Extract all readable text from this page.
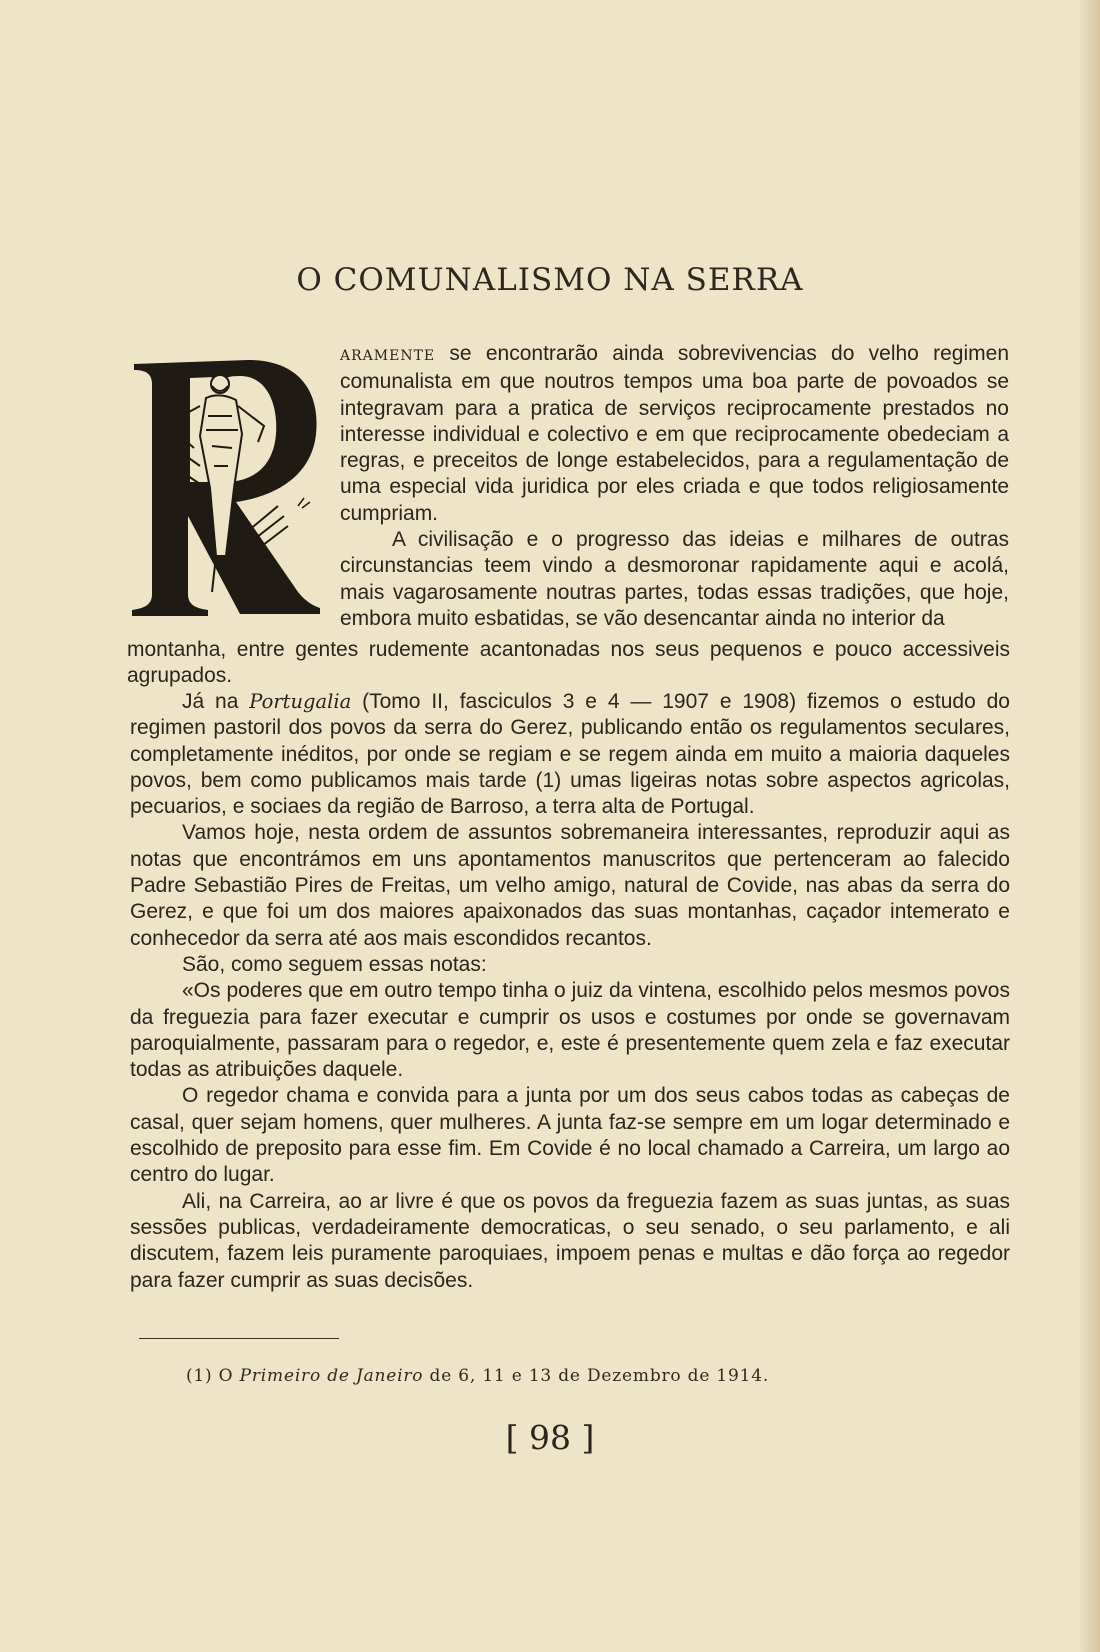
O COMUNALISMO NA SERRA

ARAMENTE se encontrarão ainda sobrevivencias do velho regimen comunalista em que noutros tempos uma boa parte de povoados se integravam para a pratica de serviços reciprocamente prestados no interesse individual e colectivo e em que reciprocamente obedeciam a regras, e preceitos de longe estabelecidos, para a regulamentação de uma especial vida juridica por eles criada e que todos religiosamente cumpriam.

A civilisação e o progresso das ideias e milhares de outras circunstancias teem vindo a desmoronar rapidamente aqui e acolá, mais vagarosamente noutras partes, todas essas tradições, que hoje, embora muito esbatidas, se vão desencantar ainda no interior da

montanha, entre gentes rudemente acantonadas nos seus pequenos e pouco accessiveis agrupados.

Já na Portugalia (Tomo II, fasciculos 3 e 4 — 1907 e 1908) fizemos o estudo do regimen pastoril dos povos da serra do Gerez, publicando então os regulamentos seculares, completamente inéditos, por onde se regiam e se regem ainda em muito a maioria daqueles povos, bem como publicamos mais tarde (1) umas ligeiras notas sobre aspectos agricolas, pecuarios, e sociaes da região de Barroso, a terra alta de Portugal.

Vamos hoje, nesta ordem de assuntos sobremaneira interessantes, reproduzir aqui as notas que encontrámos em uns apontamentos manuscritos que pertenceram ao falecido Padre Sebastião Pires de Freitas, um velho amigo, natural de Covide, nas abas da serra do Gerez, e que foi um dos maiores apaixonados das suas montanhas, caçador intemerato e conhecedor da serra até aos mais escondidos recantos.

São, como seguem essas notas:

«Os poderes que em outro tempo tinha o juiz da vintena, escolhido pelos mesmos povos da freguezia para fazer executar e cumprir os usos e costumes por onde se governavam paroquialmente, passaram para o regedor, e, este é presentemente quem zela e faz executar todas as atribuições daquele.

O regedor chama e convida para a junta por um dos seus cabos todas as cabeças de casal, quer sejam homens, quer mulheres. A junta faz-se sempre em um logar determinado e escolhido de preposito para esse fim. Em Covide é no local chamado a Carreira, um largo ao centro do lugar.

Ali, na Carreira, ao ar livre é que os povos da freguezia fazem as suas juntas, as suas sessões publicas, verdadeiramente democraticas, o seu senado, o seu parlamento, e ali discutem, fazem leis puramente paroquiaes, impoem penas e multas e dão força ao regedor para fazer cumprir as suas decisões.

(1) O Primeiro de Janeiro de 6, 11 e 13 de Dezembro de 1914.
[ 98 ]
